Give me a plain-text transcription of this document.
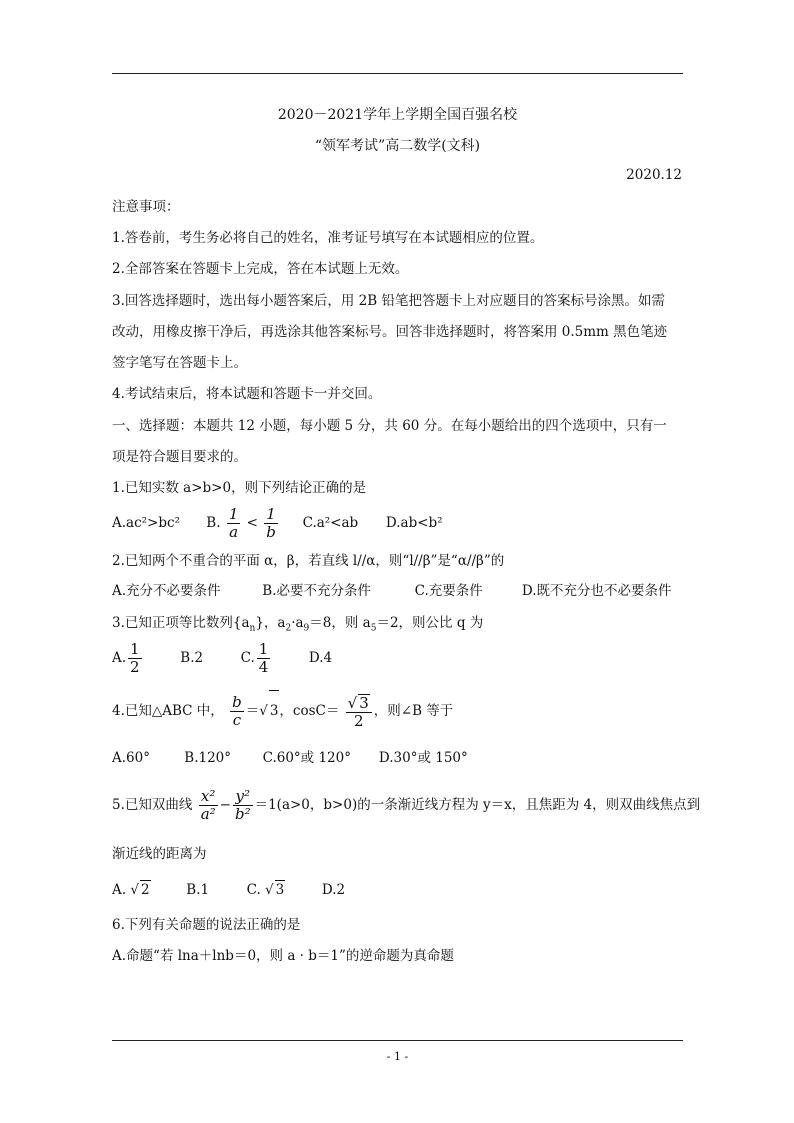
2020－2021学年上学期全国百强名校
“领军考试”高二数学(文科)
2020.12
注意事项：
1.答卷前，考生务必将自己的姓名，准考证号填写在本试题相应的位置。
2.全部答案在答题卡上完成，答在本试题上无效。
3.回答选择题时，选出每小题答案后，用 2B 铅笔把答题卡上对应题目的答案标号涂黑。如需
改动，用橡皮擦干净后，再选涂其他答案标号。回答非选择题时，将答案用 0.5mm 黑色笔迹
签字笔写在答题卡上。
4.考试结束后，将本试题和答题卡一并交回。
一、选择题：本题共 12 小题，每小题 5 分，共 60 分。在每小题给出的四个选项中，只有一
项是符合题目要求的。
1.已知实数 a>b>0，则下列结论正确的是
A.ac²>bc² B. $\frac{1}{a} < \frac{1}{b} C.a^2<ab$ D.ab<b²
2.已知两个不重合的平面 α，β，若直线 l//α，则“l//β”是“α//β”的
A.充分不必要条件	B.必要不充分条件	C.充要条件	D.既不充分也不必要条件
3.已知正项等比数列$\{a_n\}$，$a_2\cdot a_9=8$，则 $a_5=2$，则公比 q 为
A. $\frac{1}{2}$	B.2	C. $\frac{1}{4}$	D.4
4.已知△ABC 中， $\frac{b}{c}$ ＝√ 3，$\cos C= \frac{√ 3}{2}$ ，则∠B 等于
A.60°	B.120° C.60°或 120° D.30°或 150°
5.已知双曲线 $\frac{\text{x²}}{\text{a²}} - \frac{\text{y²}}{\text{b²}} =1(a>0$，b>0)的一条渐近线方程为 y＝x，且焦距为 4，则双曲线焦点到
渐近线的距离为
A. √ 2	B.1	C. √ 3	D.2
6.下列有关命题的说法正确的是
A.命题“若 lna＋lnb＝0，则 a · b＝1”的逆命题为真命题
- 1 -
